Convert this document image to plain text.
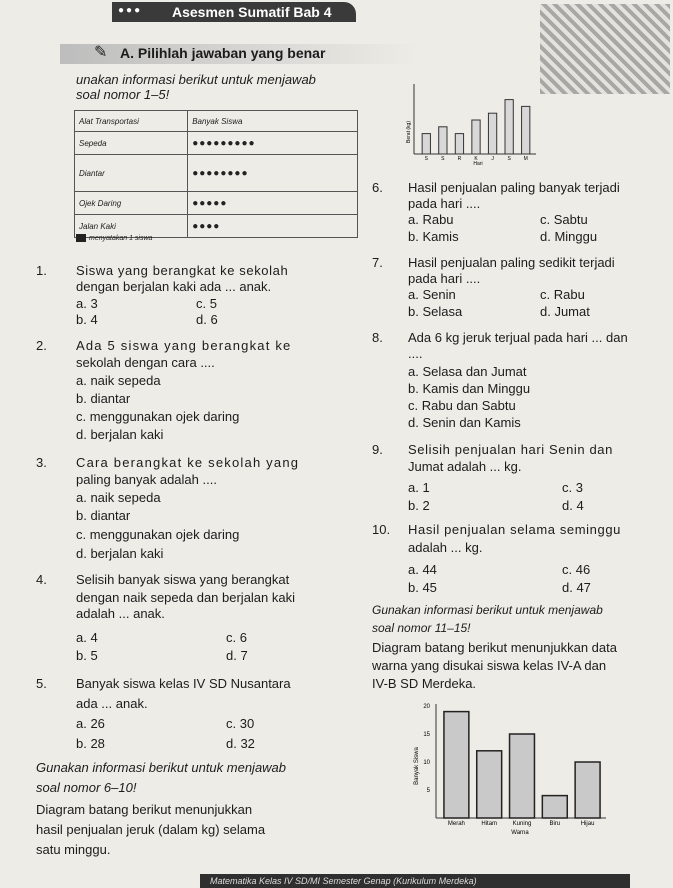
●●● Asesmen Sumatif Bab 4
✎ A. Pilihlah jawaban yang benar
unakan informasi berikut untuk menjawab
soal nomor 1–5!
Alat Transportasi	Banyak Siswa
Sepeda	●●●●●●●●●
Diantar	●●●●●●●●
Ojek Daring	●●●●●
Jalan Kaki	●●●●
menyatakan 1 siswa
Berat (kg)
S	S	R	K	J	S	M
Hari
1. Siswa yang berangkat ke sekolah
dengan berjalan kaki ada ... anak.
a. 3	c. 5
b. 4	d. 6
2. Ada 5 siswa yang berangkat ke
sekolah dengan cara ....
a. naik sepeda
b. diantar
c. menggunakan ojek daring
d. berjalan kaki
3. Cara berangkat ke sekolah yang
paling banyak adalah ....
a. naik sepeda
b. diantar
c. menggunakan ojek daring
d. berjalan kaki
4. Selisih banyak siswa yang berangkat
dengan naik sepeda dan berjalan kaki
adalah ... anak.
a. 4	c. 6
b. 5	d. 7
5. Banyak siswa kelas IV SD Nusantara
ada ... anak.
a. 26	c. 30
b. 28	d. 32
Gunakan informasi berikut untuk menjawab
soal nomor 6–10!
Diagram batang berikut menunjukkan
hasil penjualan jeruk (dalam kg) selama
satu minggu.
6. Hasil penjualan paling banyak terjadi
pada hari ....
a. Rabu	c. Sabtu
b. Kamis	d. Minggu
7. Hasil penjualan paling sedikit terjadi
pada hari ....
a. Senin	c. Rabu
b. Selasa	d. Jumat
8. Ada 6 kg jeruk terjual pada hari ... dan
....
a. Selasa dan Jumat
b. Kamis dan Minggu
c. Rabu dan Sabtu
d. Senin dan Kamis
9. Selisih penjualan hari Senin dan
Jumat adalah ... kg.
a. 1	c. 3
b. 2	d. 4
10. Hasil penjualan selama seminggu
adalah ... kg.
a. 44	c. 46
b. 45	d. 47
Gunakan informasi berikut untuk menjawab
soal nomor 11–15!
Diagram batang berikut menunjukkan data
warna yang disukai siswa kelas IV-A dan
IV-B SD Merdeka.
Banyak Siswa
20
15
10
5
Merah	Hitam	Kuning	Biru	Hijau
Warna
Matematika Kelas IV SD/MI Semester Genap (Kurikulum Merdeka)
